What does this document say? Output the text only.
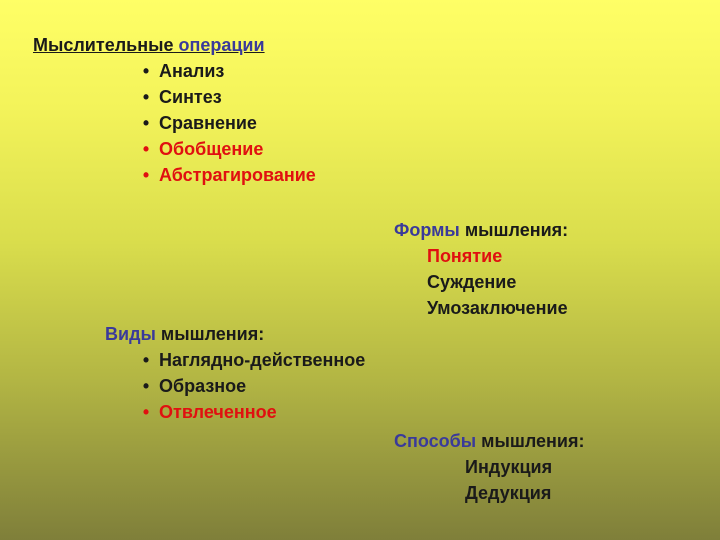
Мыслительные операции
• Анализ
• Синтез
• Сравнение
• Обобщение
• Абстрагирование
Формы мышления:
Понятие
Суждение
Умозаключение
Виды мышления:
• Наглядно-действенное
• Образное
• Отвлеченное
Способы мышления:
Индукция
Дедукция
